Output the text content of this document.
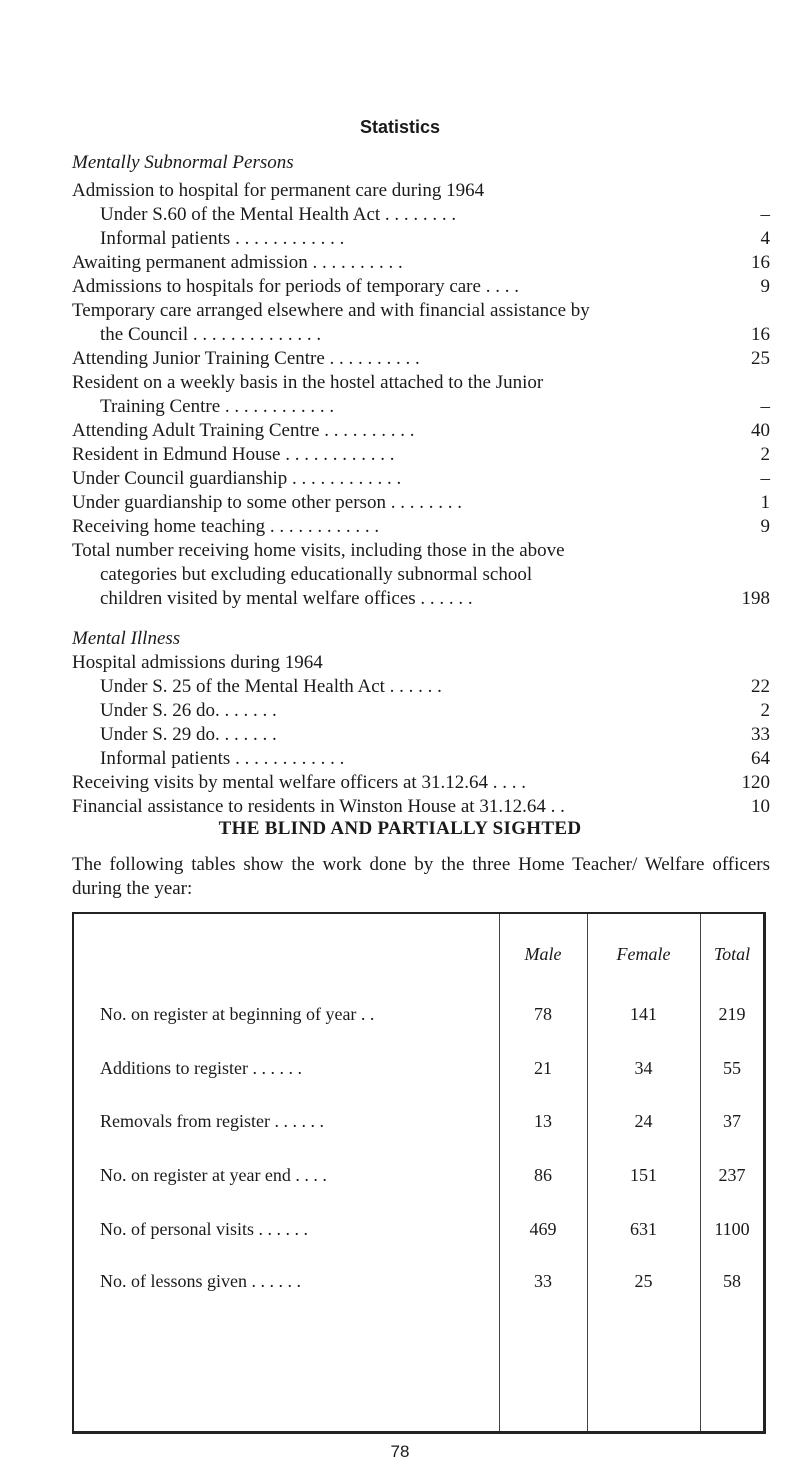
Statistics
Mentally Subnormal Persons
Admission to hospital for permanent care during 1964
Under S.60 of the Mental Health Act . . . . . . . .	–
Informal patients . . . . . . . . . . . .	4
Awaiting permanent admission . . . . . . . . . .	16
Admissions to hospitals for periods of temporary care . . . .	9
Temporary care arranged elsewhere and with financial assistance by
the Council . . . . . . . . . . . . . .	16
Attending Junior Training Centre . . . . . . . . . .	25
Resident on a weekly basis in the hostel attached to the Junior
Training Centre . . . . . . . . . . . .	–
Attending Adult Training Centre . . . . . . . . . .	40
Resident in Edmund House . . . . . . . . . . . .	2
Under Council guardianship . . . . . . . . . . . .	–
Under guardianship to some other person . . . . . . . .	1
Receiving home teaching . . . . . . . . . . . .	9
Total number receiving home visits, including those in the above
categories but excluding educationally subnormal school
children visited by mental welfare offices . . . . . .	198
Mental Illness
Hospital admissions during 1964
Under S. 25 of the Mental Health Act . . . . . .	22
Under S. 26 do. . . . . . .	2
Under S. 29 do. . . . . . .	33
Informal patients . . . . . . . . . . . .	64
Receiving visits by mental welfare officers at 31.12.64 . . . .	120
Financial assistance to residents in Winston House at 31.12.64 . .	10
THE BLIND AND PARTIALLY SIGHTED
The following tables show the work done by the three Home Teacher/ Welfare officers during the year:
Male	Female	Total
No. on register at beginning of year . .	78	141	219
Additions to register . . . . . .	21	34	55
Removals from register . . . . . .	13	24	37
No. on register at year end . . . .	86	151	237
No. of personal visits . . . . . .	469	631	1100
No. of lessons given . . . . . .	33	25	58
78
